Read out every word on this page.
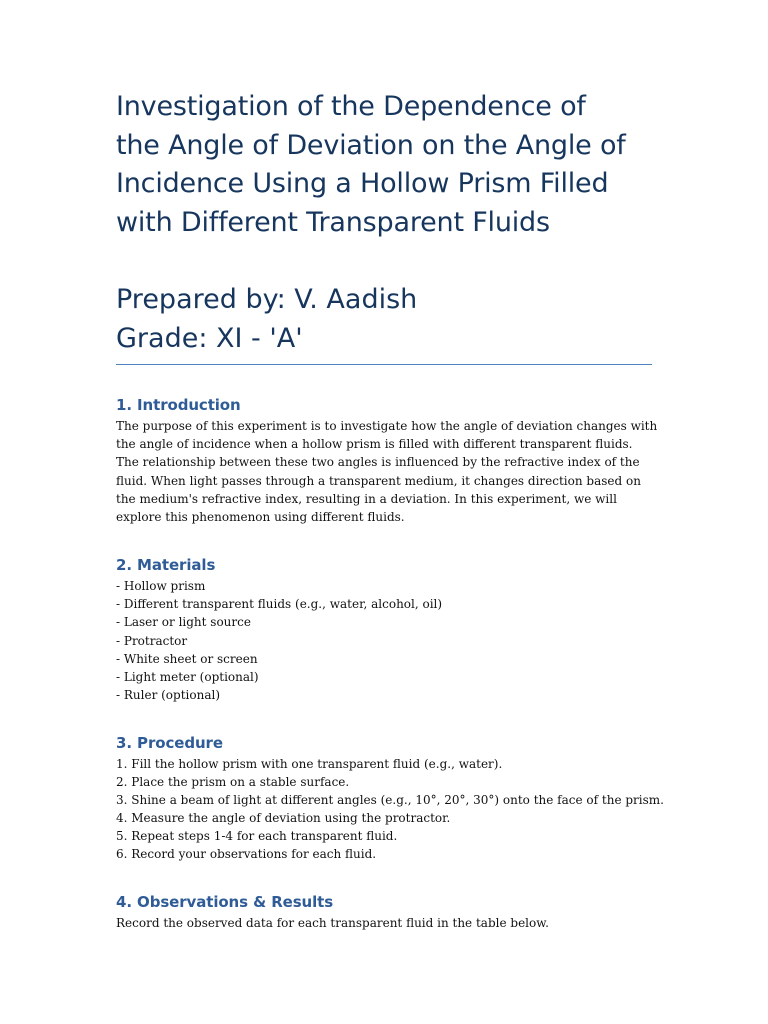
Investigation of the Dependence of
the Angle of Deviation on the Angle of
Incidence Using a Hollow Prism Filled
with Different Transparent Fluids
Prepared by: V. Aadish
Grade: XI - 'A'
1. Introduction

The purpose of this experiment is to investigate how the angle of deviation changes with
the angle of incidence when a hollow prism is filled with different transparent fluids.
The relationship between these two angles is influenced by the refractive index of the
fluid. When light passes through a transparent medium, it changes direction based on
the medium's refractive index, resulting in a deviation. In this experiment, we will
explore this phenomenon using different fluids.

2. Materials
- Hollow prism
- Different transparent fluids (e.g., water, alcohol, oil)
- Laser or light source
- Protractor
- White sheet or screen
- Light meter (optional)
- Ruler (optional)
3. Procedure
1. Fill the hollow prism with one transparent fluid (e.g., water).
2. Place the prism on a stable surface.
3. Shine a beam of light at different angles (e.g., 10°, 20°, 30°) onto the face of the prism.
4. Measure the angle of deviation using the protractor.
5. Repeat steps 1-4 for each transparent fluid.
6. Record your observations for each fluid.
4. Observations & Results

Record the observed data for each transparent fluid in the table below.
